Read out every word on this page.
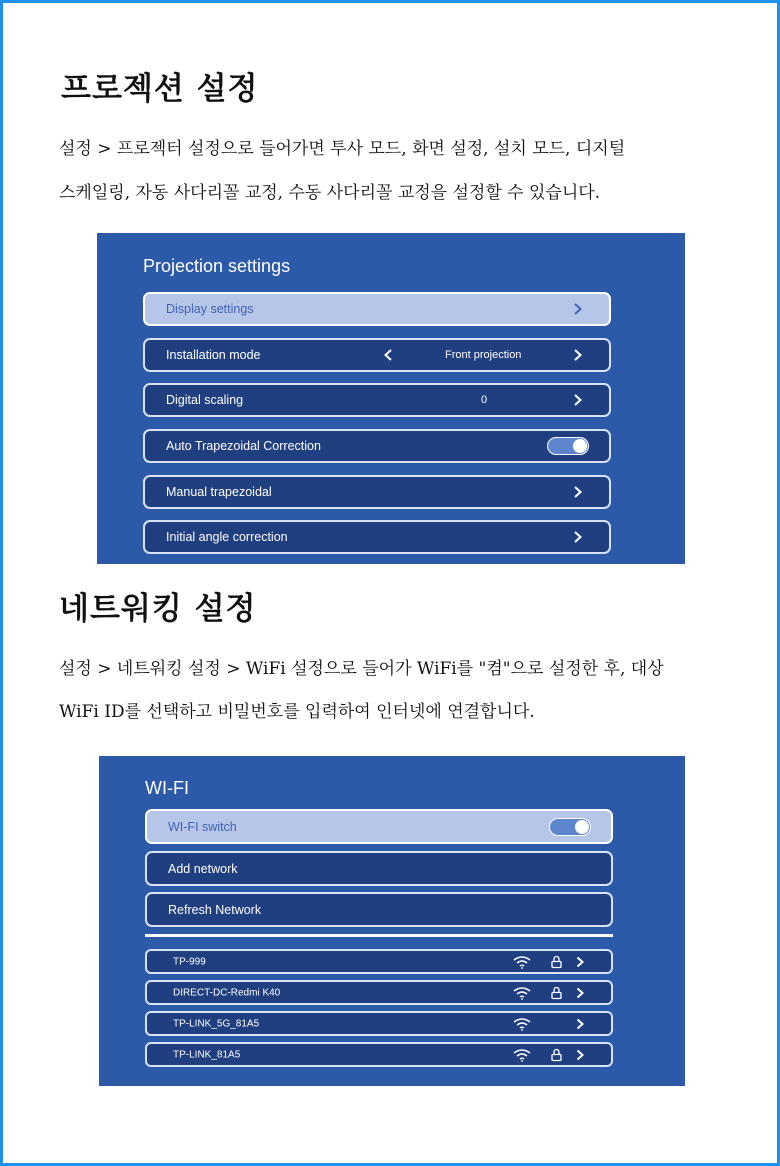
프로젝션 설정
설정 > 프로젝터 설정으로 들어가면 투사 모드, 화면 설정, 설치 모드, 디지털
스케일링, 자동 사다리꼴 교정, 수동 사다리꼴 교정을 설정할 수 있습니다.
Projection settings
Display settings
Installation mode	Front projection
Digital scaling	0
Auto Trapezoidal Correction
Manual trapezoidal
Initial angle correction
네트워킹 설정
설정 > 네트워킹 설정 > WiFi 설정으로 들어가 WiFi를 "켬"으로 설정한 후, 대상
WiFi ID를 선택하고 비밀번호를 입력하여 인터넷에 연결합니다.
WI-FI
WI-FI switch
Add network
Refresh Network
TP-999
DIRECT-DC-Redmi K40
TP-LINK_5G_81A5
TP-LINK_81A5
